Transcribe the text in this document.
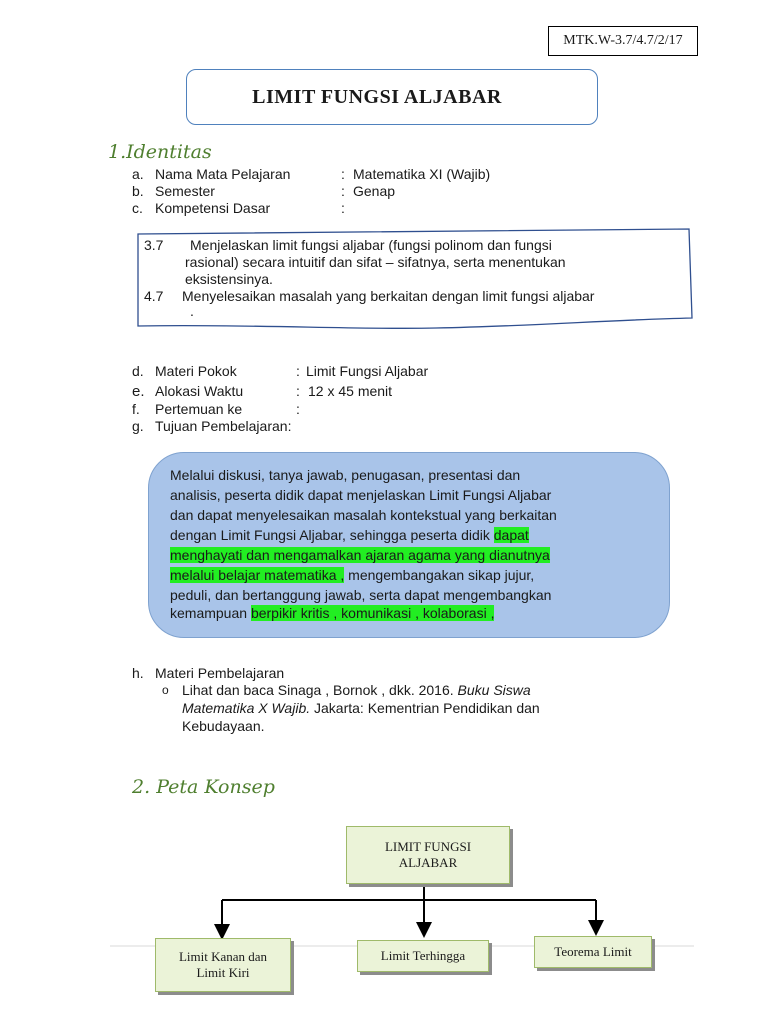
MTK.W-3.7/4.7/2/17
LIMIT FUNGSI ALJABAR
1.Identitas
a. Nama Mata Pelajaran	: Matematika XI (Wajib)
b. Semester	: Genap
c. Kompetensi Dasar	:
3.7 Menjelaskan limit fungsi aljabar (fungsi polinom dan fungsi
rasional) secara intuitif dan sifat – sifatnya, serta menentukan
eksistensinya.
4.7 Menyelesaikan masalah yang berkaitan dengan limit fungsi aljabar
.
d. Materi Pokok	: Limit Fungsi Aljabar
e. Alokasi Waktu	: 12 x 45 menit
f. Pertemuan ke	:
g. Tujuan Pembelajaran:
Melalui diskusi, tanya jawab, penugasan, presentasi dan
analisis, peserta didik dapat menjelaskan Limit Fungsi Aljabar
dan dapat menyelesaikan masalah kontekstual yang berkaitan
dengan Limit Fungsi Aljabar, sehingga peserta didik dapat
menghayati dan mengamalkan ajaran agama yang dianutnya
melalui belajar matematika , mengembangakan sikap jujur,
peduli, dan bertanggung jawab, serta dapat mengembangkan
kemampuan berpikir kritis , komunikasi , kolaborasi ,
h. Materi Pembelajaran
o Lihat dan baca Sinaga , Bornok , dkk. 2016. Buku Siswa
Matematika X Wajib. Jakarta: Kementrian Pendidikan dan
Kebudayaan.
2. Peta Konsep
LIMIT FUNGSI
ALJABAR
Limit Kanan dan
Limit Kiri
Limit Terhingga	Teorema Limit
